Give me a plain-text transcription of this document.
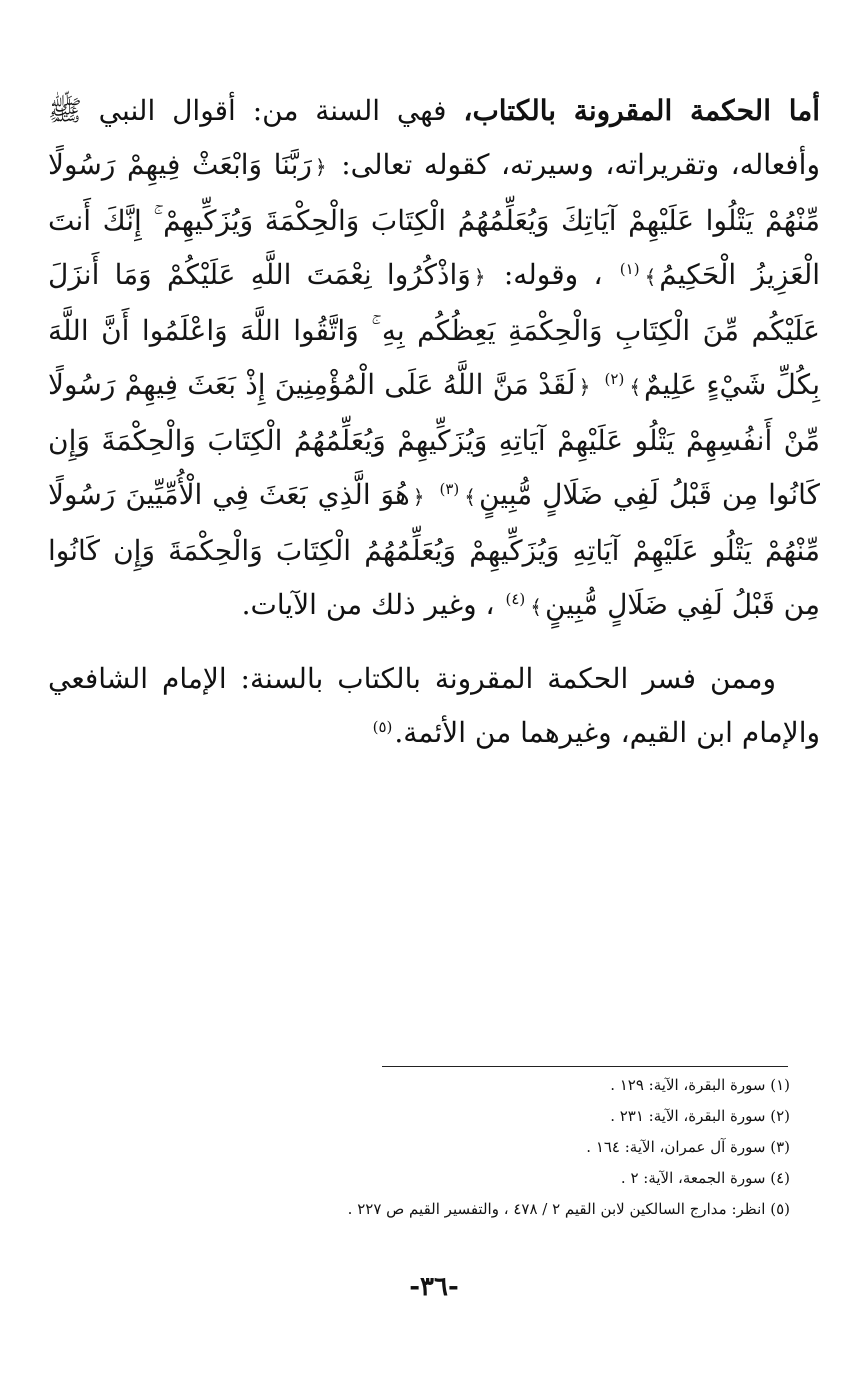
أما الحكمة المقرونة بالكتاب، فهي السنة من: أقوال النبي ﷺ وأفعاله، وتقريراته، وسيرته، كقوله تعالى: ﴿رَبَّنَا وَابْعَثْ فِيهِمْ رَسُولًا مِّنْهُمْ يَتْلُوا عَلَيْهِمْ آيَاتِكَ وَيُعَلِّمُهُمُ الْكِتَابَ وَالْحِكْمَةَ وَيُزَكِّيهِمْ ۚ إِنَّكَ أَنتَ الْعَزِيزُ الْحَكِيمُ﴾$^{(١)}$ ، وقوله: ﴿وَاذْكُرُوا نِعْمَتَ اللَّهِ عَلَيْكُمْ وَمَا أَنزَلَ عَلَيْكُم مِّنَ الْكِتَابِ وَالْحِكْمَةِ يَعِظُكُم بِهِ ۚ وَاتَّقُوا اللَّهَ وَاعْلَمُوا أَنَّ اللَّهَ بِكُلِّ شَيْءٍ عَلِيمٌ﴾$^{(٢)}$ ﴿لَقَدْ مَنَّ اللَّهُ عَلَى الْمُؤْمِنِينَ إِذْ بَعَثَ فِيهِمْ رَسُولًا مِّنْ أَنفُسِهِمْ يَتْلُو عَلَيْهِمْ آيَاتِهِ وَيُزَكِّيهِمْ وَيُعَلِّمُهُمُ الْكِتَابَ وَالْحِكْمَةَ وَإِن كَانُوا مِن قَبْلُ لَفِي ضَلَالٍ مُّبِينٍ﴾$^{(٣)}$ ﴿هُوَ الَّذِي بَعَثَ فِي الْأُمِّيِّينَ رَسُولًا مِّنْهُمْ يَتْلُو عَلَيْهِمْ آيَاتِهِ وَيُزَكِّيهِمْ وَيُعَلِّمُهُمُ الْكِتَابَ وَالْحِكْمَةَ وَإِن كَانُوا مِن قَبْلُ لَفِي ضَلَالٍ مُّبِينٍ﴾$^{(٤)}$ ، وغير ذلك من الآيات.

وممن فسر الحكمة المقرونة بالكتاب بالسنة: الإمام الشافعي والإمام ابن القيم، وغيرهما من الأئمة.$^{(٥)}$

(١) سورة البقرة، الآية: ١٢٩ .
(٢) سورة البقرة، الآية: ٢٣١ .
(٣) سورة آل عمران، الآية: ١٦٤ .
(٤) سورة الجمعة، الآية: ٢ .
(٥) انظر: مدارج السالكين لابن القيم ٢ / ٤٧٨ ، والتفسير القيم ص ٢٢٧ .
-٣٦-
